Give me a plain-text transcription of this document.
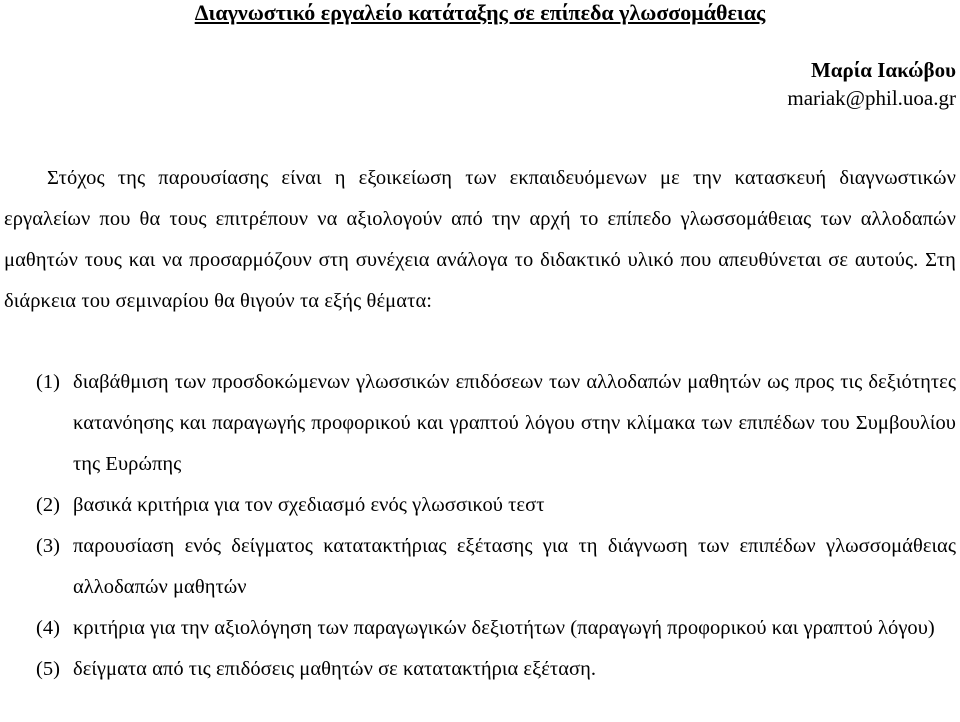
Διαγνωστικό εργαλείο κατάταξης σε επίπεδα γλωσσομάθειας
Μαρία Ιακώβου
mariak@phil.uoa.gr

Στόχος της παρουσίασης είναι η εξοικείωση των εκπαιδευόμενων με την κατασκευή διαγνωστικών εργαλείων που θα τους επιτρέπουν να αξιολογούν από την αρχή το επίπεδο γλωσσομάθειας των αλλοδαπών μαθητών τους και να προσαρμόζουν στη συνέχεια ανάλογα το διδακτικό υλικό που απευθύνεται σε αυτούς. Στη διάρκεια του σεμιναρίου θα θιγούν τα εξής θέματα:

(1) διαβάθμιση των προσδοκώμενων γλωσσικών επιδόσεων των αλλοδαπών μαθητών ως προς τις δεξιότητες κατανόησης και παραγωγής προφορικού και γραπτού λόγου στην κλίμακα των επιπέδων του Συμβουλίου της Ευρώπης
(2) βασικά κριτήρια για τον σχεδιασμό ενός γλωσσικού τεστ
(3) παρουσίαση ενός δείγματος κατατακτήριας εξέτασης για τη διάγνωση των επιπέδων γλωσσομάθειας αλλοδαπών μαθητών
(4) κριτήρια για την αξιολόγηση των παραγωγικών δεξιοτήτων (παραγωγή προφορικού και γραπτού λόγου)
(5) δείγματα από τις επιδόσεις μαθητών σε κατατακτήρια εξέταση.
